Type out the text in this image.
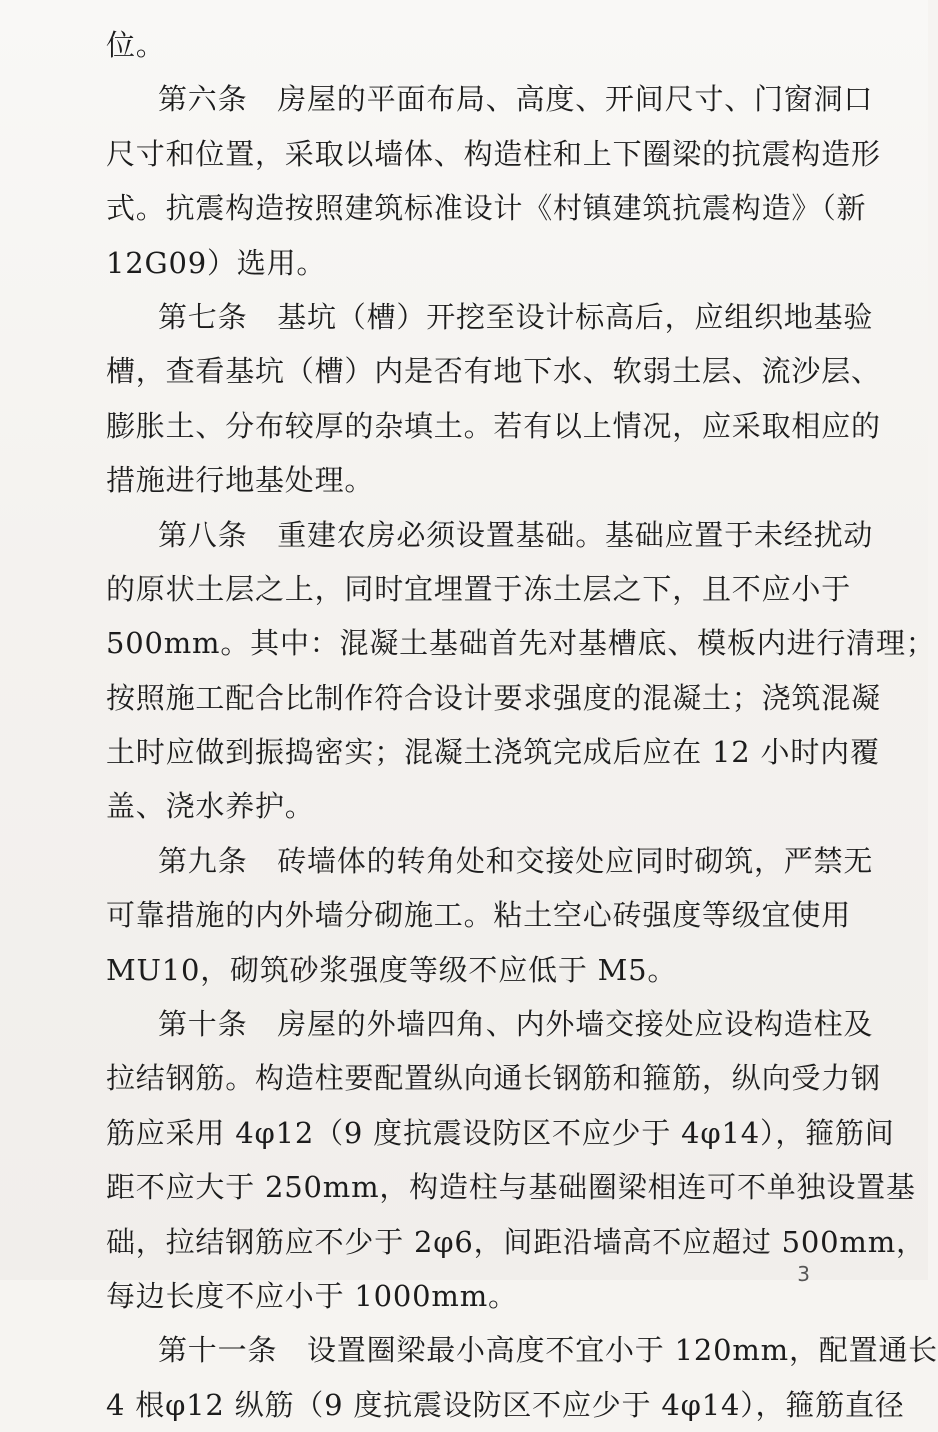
位。
第六条　房屋的平面布局、高度、开间尺寸、门窗洞口
尺寸和位置，采取以墙体、构造柱和上下圈梁的抗震构造形
式。抗震构造按照建筑标准设计《村镇建筑抗震构造》（新
12G09）选用。
第七条　基坑（槽）开挖至设计标高后，应组织地基验
槽，查看基坑（槽）内是否有地下水、软弱土层、流沙层、
膨胀土、分布较厚的杂填土。若有以上情况，应采取相应的
措施进行地基处理。
第八条　重建农房必须设置基础。基础应置于未经扰动
的原状土层之上，同时宜埋置于冻土层之下，且不应小于
500mm。其中：混凝土基础首先对基槽底、模板内进行清理；
按照施工配合比制作符合设计要求强度的混凝土；浇筑混凝
土时应做到振捣密实；混凝土浇筑完成后应在 12 小时内覆
盖、浇水养护。
第九条　砖墙体的转角处和交接处应同时砌筑，严禁无
可靠措施的内外墙分砌施工。粘土空心砖强度等级宜使用
MU10，砌筑砂浆强度等级不应低于 M5。
第十条　房屋的外墙四角、内外墙交接处应设构造柱及
拉结钢筋。构造柱要配置纵向通长钢筋和箍筋，纵向受力钢
筋应采用 4φ12（9 度抗震设防区不应少于 4φ14），箍筋间
距不应大于 250mm，构造柱与基础圈梁相连可不单独设置基
础，拉结钢筋应不少于 2φ6，间距沿墙高不应超过 500mm，
每边长度不应小于 1000mm。
第十一条　设置圈梁最小高度不宜小于 120mm，配置通长
4 根φ12 纵筋（9 度抗震设防区不应少于 4φ14），箍筋直径
3
